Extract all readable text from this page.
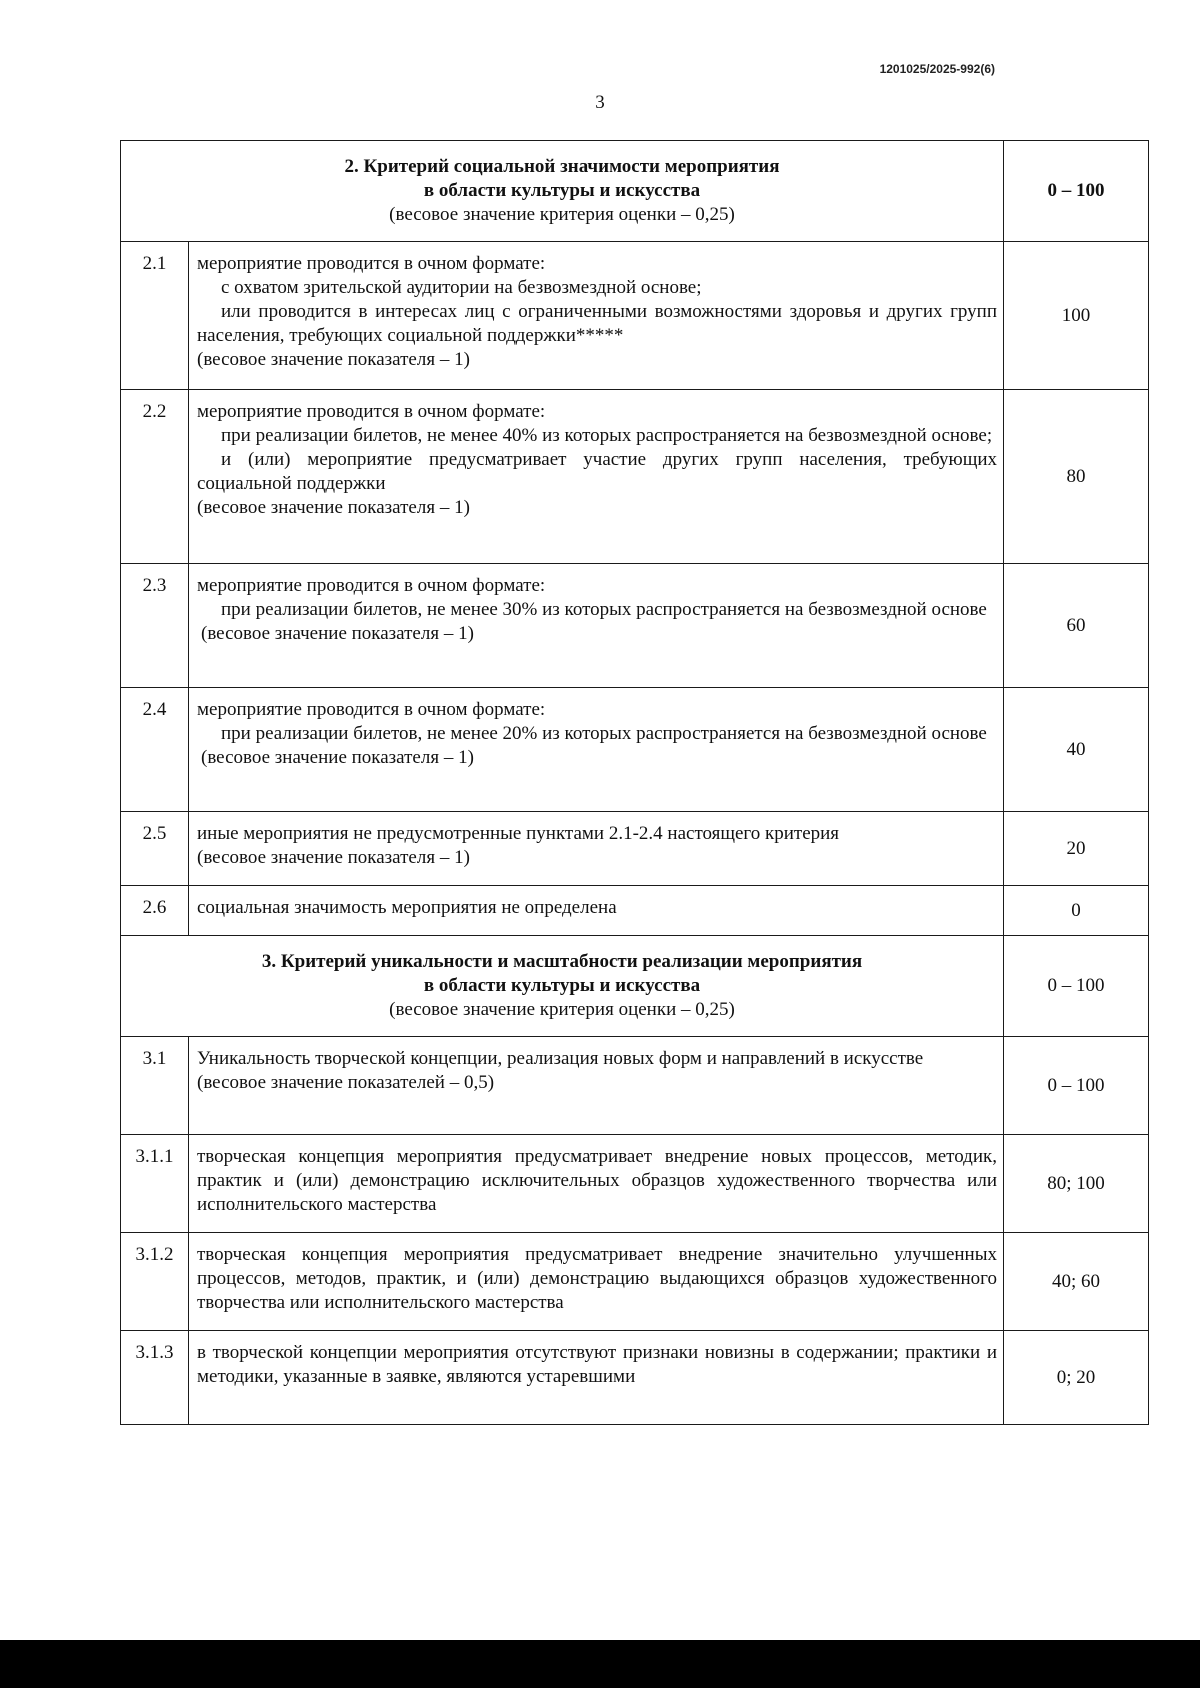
1201025/2025-992(6)
3
2. Критерий социальной значимости мероприятия
в области культуры и искусства
(весовое значение критерия оценки – 0,25)		0 – 100
2.1	мероприятие проводится в очном формате:
с охватом зрительской аудитории на безвозмездной основе;
или проводится в интересах лиц с ограниченными возможностями здоровья и других групп населения, требующих социальной поддержки*****
(весовое значение показателя – 1)	100
2.2	мероприятие проводится в очном формате:
при реализации билетов, не менее 40% из которых распространяется на безвозмездной основе;
и (или) мероприятие предусматривает участие других групп населения, требующих социальной поддержки
(весовое значение показателя – 1)	80
2.3	мероприятие проводится в очном формате:
при реализации билетов, не менее 30% из которых распространяется на безвозмездной основе
(весовое значение показателя – 1)	60
2.4	мероприятие проводится в очном формате:
при реализации билетов, не менее 20% из которых распространяется на безвозмездной основе
(весовое значение показателя – 1)	40
2.5	иные мероприятия не предусмотренные пунктами 2.1-2.4 настоящего критерия
(весовое значение показателя – 1)	20
2.6	социальная значимость мероприятия не определена	0

3. Критерий уникальности и масштабности реализации мероприятия
в области культуры и искусства
(весовое значение критерия оценки – 0,25)		0 – 100
3.1	Уникальность творческой концепции, реализация новых форм и направлений в искусстве
(весовое значение показателей – 0,5)	0 – 100
3.1.1	творческая концепция мероприятия предусматривает внедрение новых процессов, методик, практик и (или) демонстрацию исключительных образцов художественного творчества или исполнительского мастерства	80; 100
3.1.2	творческая концепция мероприятия предусматривает внедрение значительно улучшенных процессов, методов, практик, и (или) демонстрацию выдающихся образцов художественного творчества или исполнительского мастерства	40; 60
3.1.3	в творческой концепции мероприятия отсутствуют признаки новизны в содержании; практики и методики, указанные в заявке, являются устаревшими	0; 20
